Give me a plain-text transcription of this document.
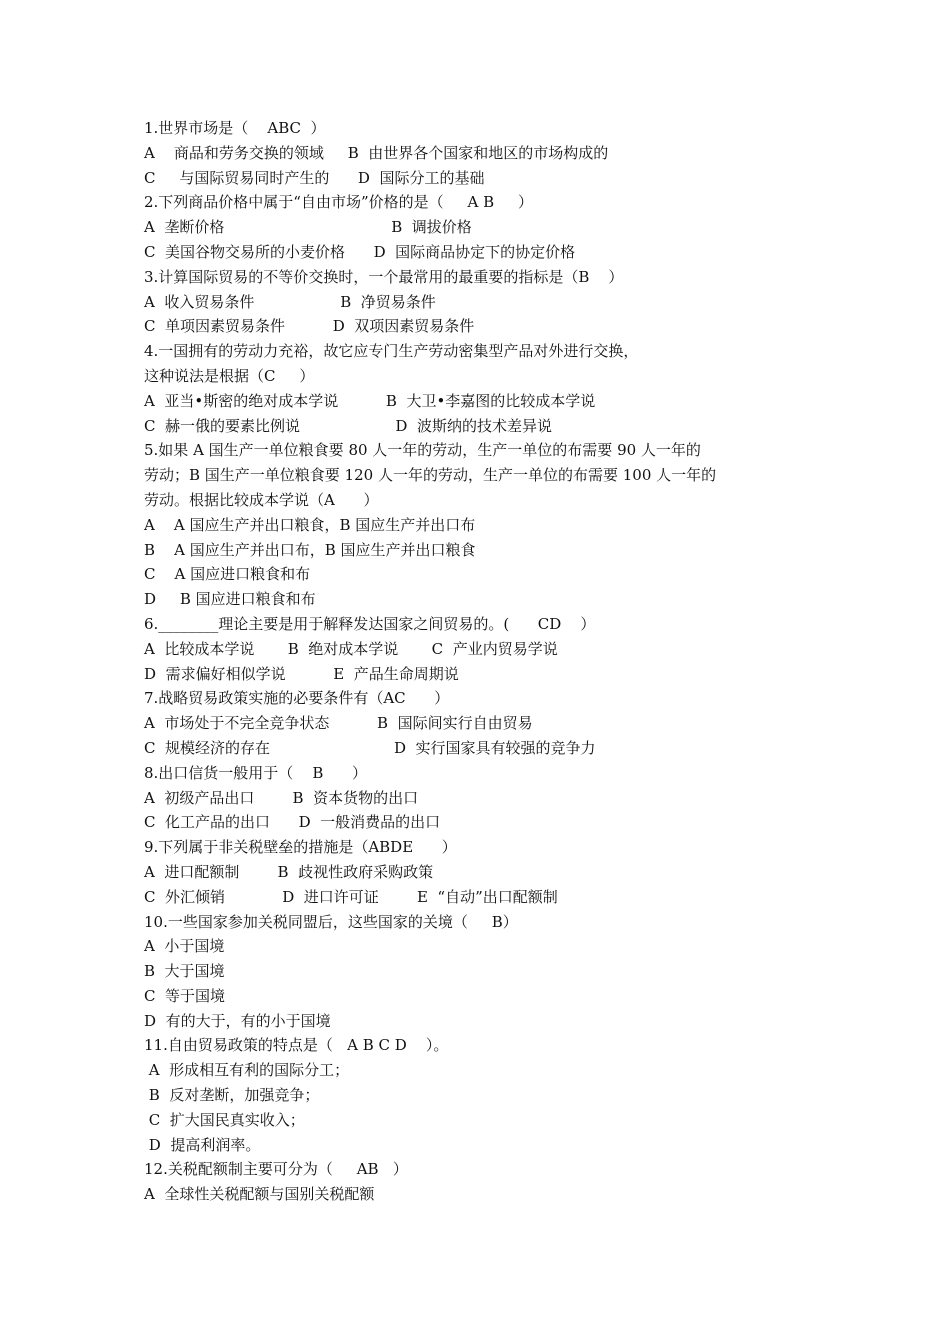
1.世界市场是（    ABC  ）
A    商品和劳务交换的领域     B  由世界各个国家和地区的市场构成的
C     与国际贸易同时产生的      D  国际分工的基础
2.下列商品价格中属于“自由市场”价格的是（     A B     ）
A  垄断价格                                   B  调拔价格
C  美国谷物交易所的小麦价格      D  国际商品协定下的协定价格
3.计算国际贸易的不等价交换时，一个最常用的最重要的指标是（B    ）
A  收入贸易条件                  B  净贸易条件
C  单项因素贸易条件          D  双项因素贸易条件
4.一国拥有的劳动力充裕，故它应专门生产劳动密集型产品对外进行交换，
这种说法是根据（C     ）
A  亚当•斯密的绝对成本学说          B  大卫•李嘉图的比较成本学说
C  赫一俄的要素比例说                    D  波斯纳的技术差异说
5.如果 A 国生产一单位粮食要 80 人一年的劳动，生产一单位的布需要 90 人一年的
劳动；B 国生产一单位粮食要 120 人一年的劳动，生产一单位的布需要 100 人一年的
劳动。根据比较成本学说（A      ）
A    A 国应生产并出口粮食，B 国应生产并出口布
B    A 国应生产并出口布，B 国应生产并出口粮食
C    A 国应进口粮食和布
D     B 国应进口粮食和布
6.________理论主要是用于解释发达国家之间贸易的。(      CD    ）
A  比较成本学说       B  绝对成本学说       C  产业内贸易学说
D  需求偏好相似学说          E  产品生命周期说
7.战略贸易政策实施的必要条件有（AC      ）
A  市场处于不完全竞争状态          B  国际间实行自由贸易
C  规模经济的存在                          D  实行国家具有较强的竞争力
8.出口信货一般用于（    B      ）
A  初级产品出口        B  资本货物的出口
C  化工产品的出口      D  一般消费品的出口
9.下列属于非关税壁垒的措施是（ABDE      ）
A  进口配额制        B  歧视性政府采购政策
C  外汇倾销            D  进口许可证        E  “自动”出口配额制
10.一些国家参加关税同盟后，这些国家的关境（     B）
A  小于国境
B  大于国境
C  等于国境
D  有的大于，有的小于国境
11.自由贸易政策的特点是（   A B C D    ）。
A  形成相互有利的国际分工；
B  反对垄断，加强竞争；
C  扩大国民真实收入；
D  提高利润率。
12.关税配额制主要可分为（     AB   ）
A  全球性关税配额与国别关税配额
